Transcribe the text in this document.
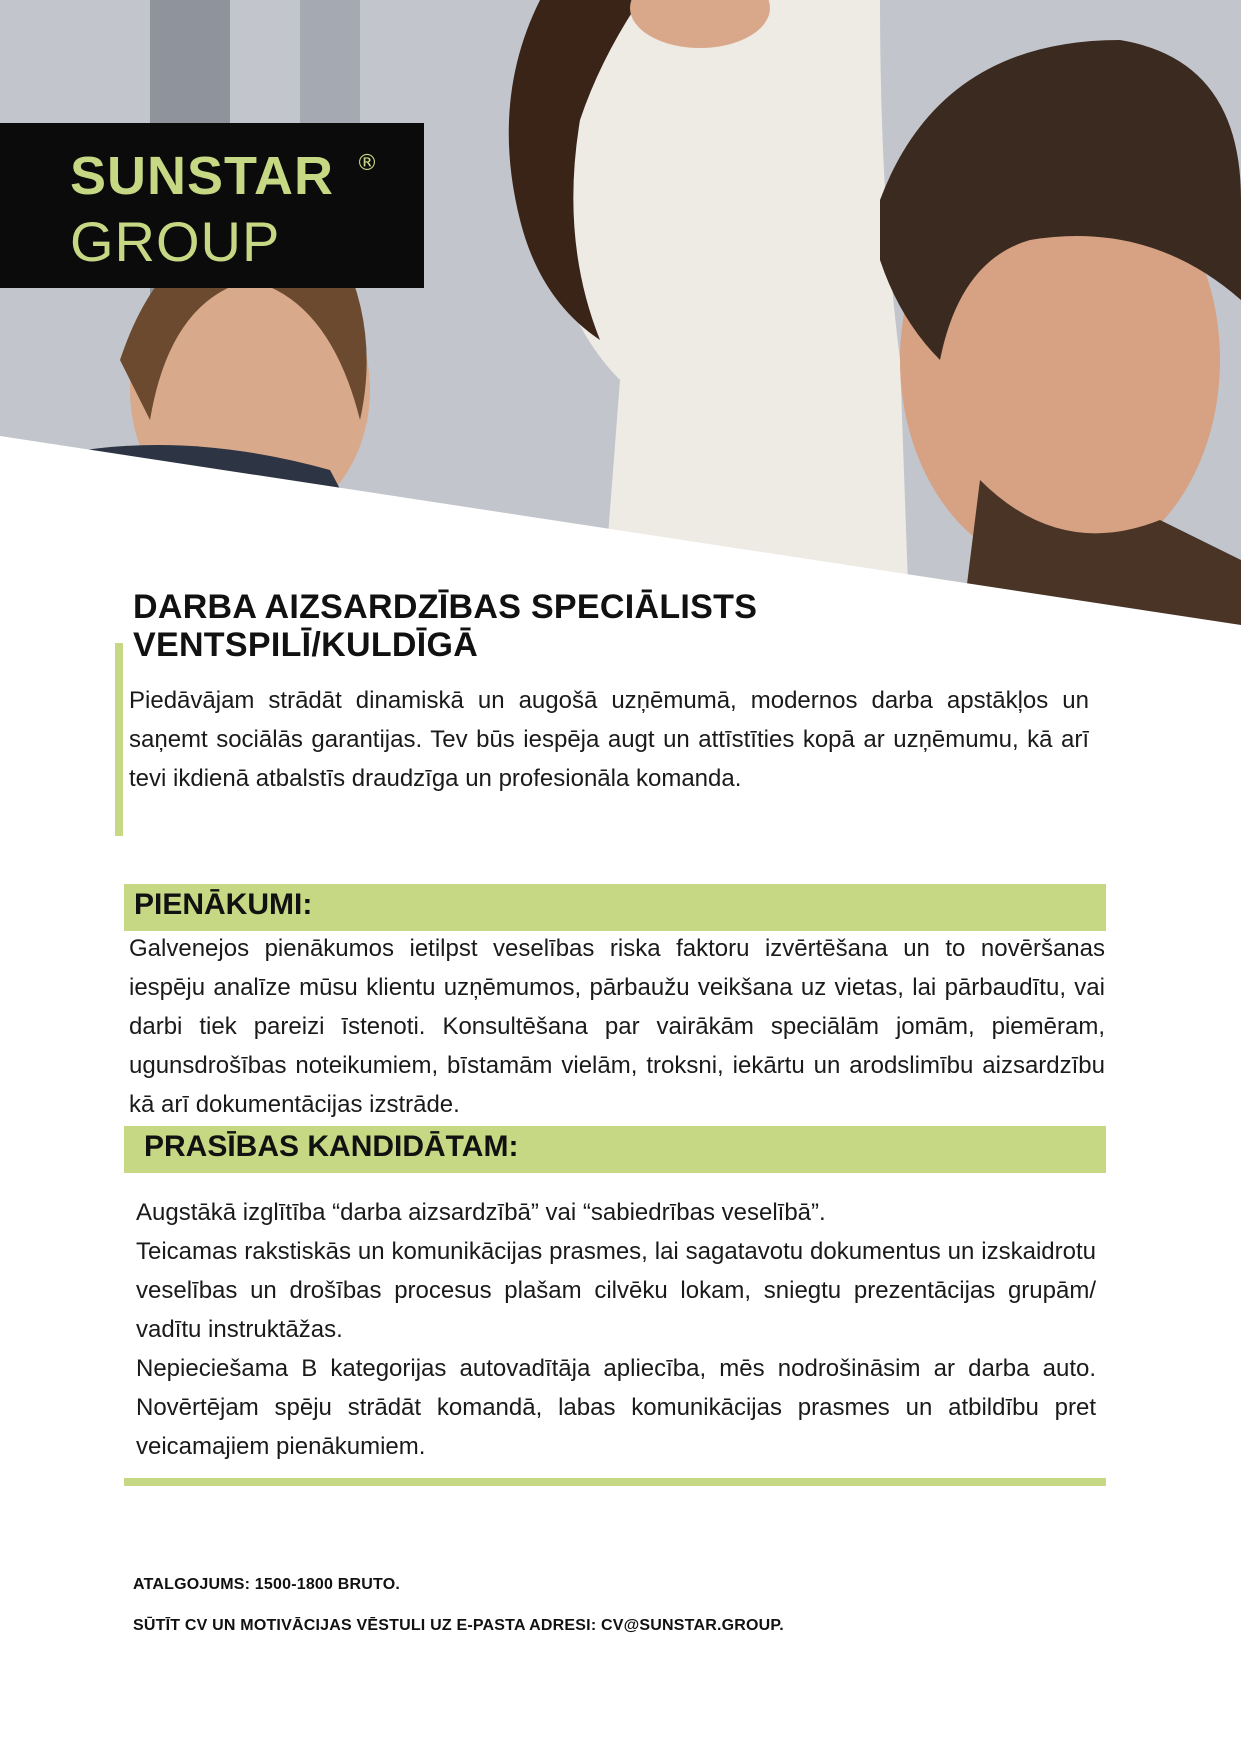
SUNSTAR ®
GROUP
DARBA AIZSARDZĪBAS SPECIĀLISTS
VENTSPILĪ/KULDĪGĀ
Piedāvājam strādāt dinamiskā un augošā uzņēmumā, modernos darba apstākļos un saņemt sociālās garantijas. Tev būs iespēja augt un attīstīties kopā ar uzņēmumu, kā arī tevi ikdienā atbalstīs draudzīga un profesionāla komanda.
PIENĀKUMI:
Galvenejos pienākumos ietilpst veselības riska faktoru izvērtēšana un to novēršanas iespēju analīze mūsu klientu uzņēmumos, pārbaužu veikšana uz vietas, lai pārbaudītu, vai darbi tiek pareizi īstenoti. Konsultēšana par vairākām speciālām jomām, piemēram, ugunsdrošības noteikumiem, bīstamām vielām, troksni, iekārtu un arodslimību aizsardzību kā arī dokumentācijas izstrāde.
PRASĪBAS KANDIDĀTAM:

Augstākā izglītība “darba aizsardzībā” vai “sabiedrības veselībā”.

Teicamas rakstiskās un komunikācijas prasmes, lai sagatavotu dokumentus un izskaidrotu veselības un drošības procesus plašam cilvēku lokam, sniegtu prezentācijas grupām/ vadītu instruktāžas.

Nepieciešama B kategorijas autovadītāja apliecība, mēs nodrošināsim ar darba auto. Novērtējam spēju strādāt komandā, labas komunikācijas prasmes un atbildību pret veicamajiem pienākumiem.

ATALGOJUMS: 1500-1800 BRUTO.
SŪTĪT CV UN MOTIVĀCIJAS VĒSTULI UZ E-PASTA ADRESI: CV@SUNSTAR.GROUP.
